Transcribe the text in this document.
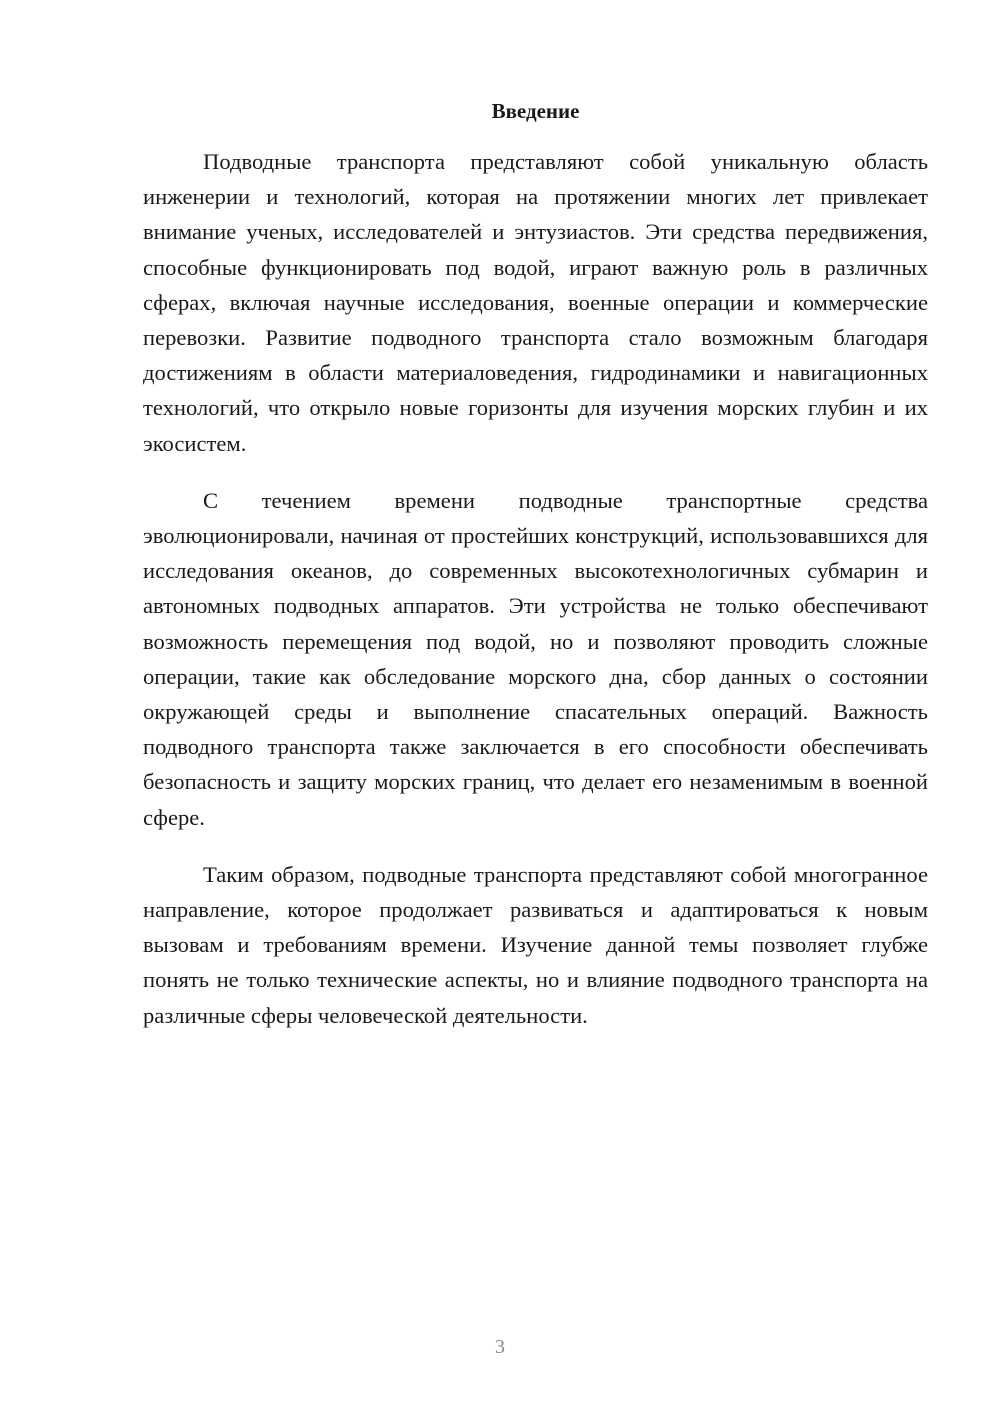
Введение

Подводные транспорта представляют собой уникальную область инженерии и технологий, которая на протяжении многих лет привлекает внимание ученых, исследователей и энтузиастов. Эти средства передвижения, способные функционировать под водой, играют важную роль в различных сферах, включая научные исследования, военные операции и коммерческие перевозки. Развитие подводного транспорта стало возможным благодаря достижениям в области материаловедения, гидродинамики и навигационных технологий, что открыло новые горизонты для изучения морских глубин и их экосистем.

С течением времени подводные транспортные средства эволюционировали, начиная от простейших конструкций, использовавшихся для исследования океанов, до современных высокотехнологичных субмарин и автономных подводных аппаратов. Эти устройства не только обеспечивают возможность перемещения под водой, но и позволяют проводить сложные операции, такие как обследование морского дна, сбор данных о состоянии окружающей среды и выполнение спасательных операций. Важность подводного транспорта также заключается в его способности обеспечивать безопасность и защиту морских границ, что делает его незаменимым в военной сфере.

Таким образом, подводные транспорта представляют собой многогранное направление, которое продолжает развиваться и адаптироваться к новым вызовам и требованиям времени. Изучение данной темы позволяет глубже понять не только технические аспекты, но и влияние подводного транспорта на различные сферы человеческой деятельности.

3
